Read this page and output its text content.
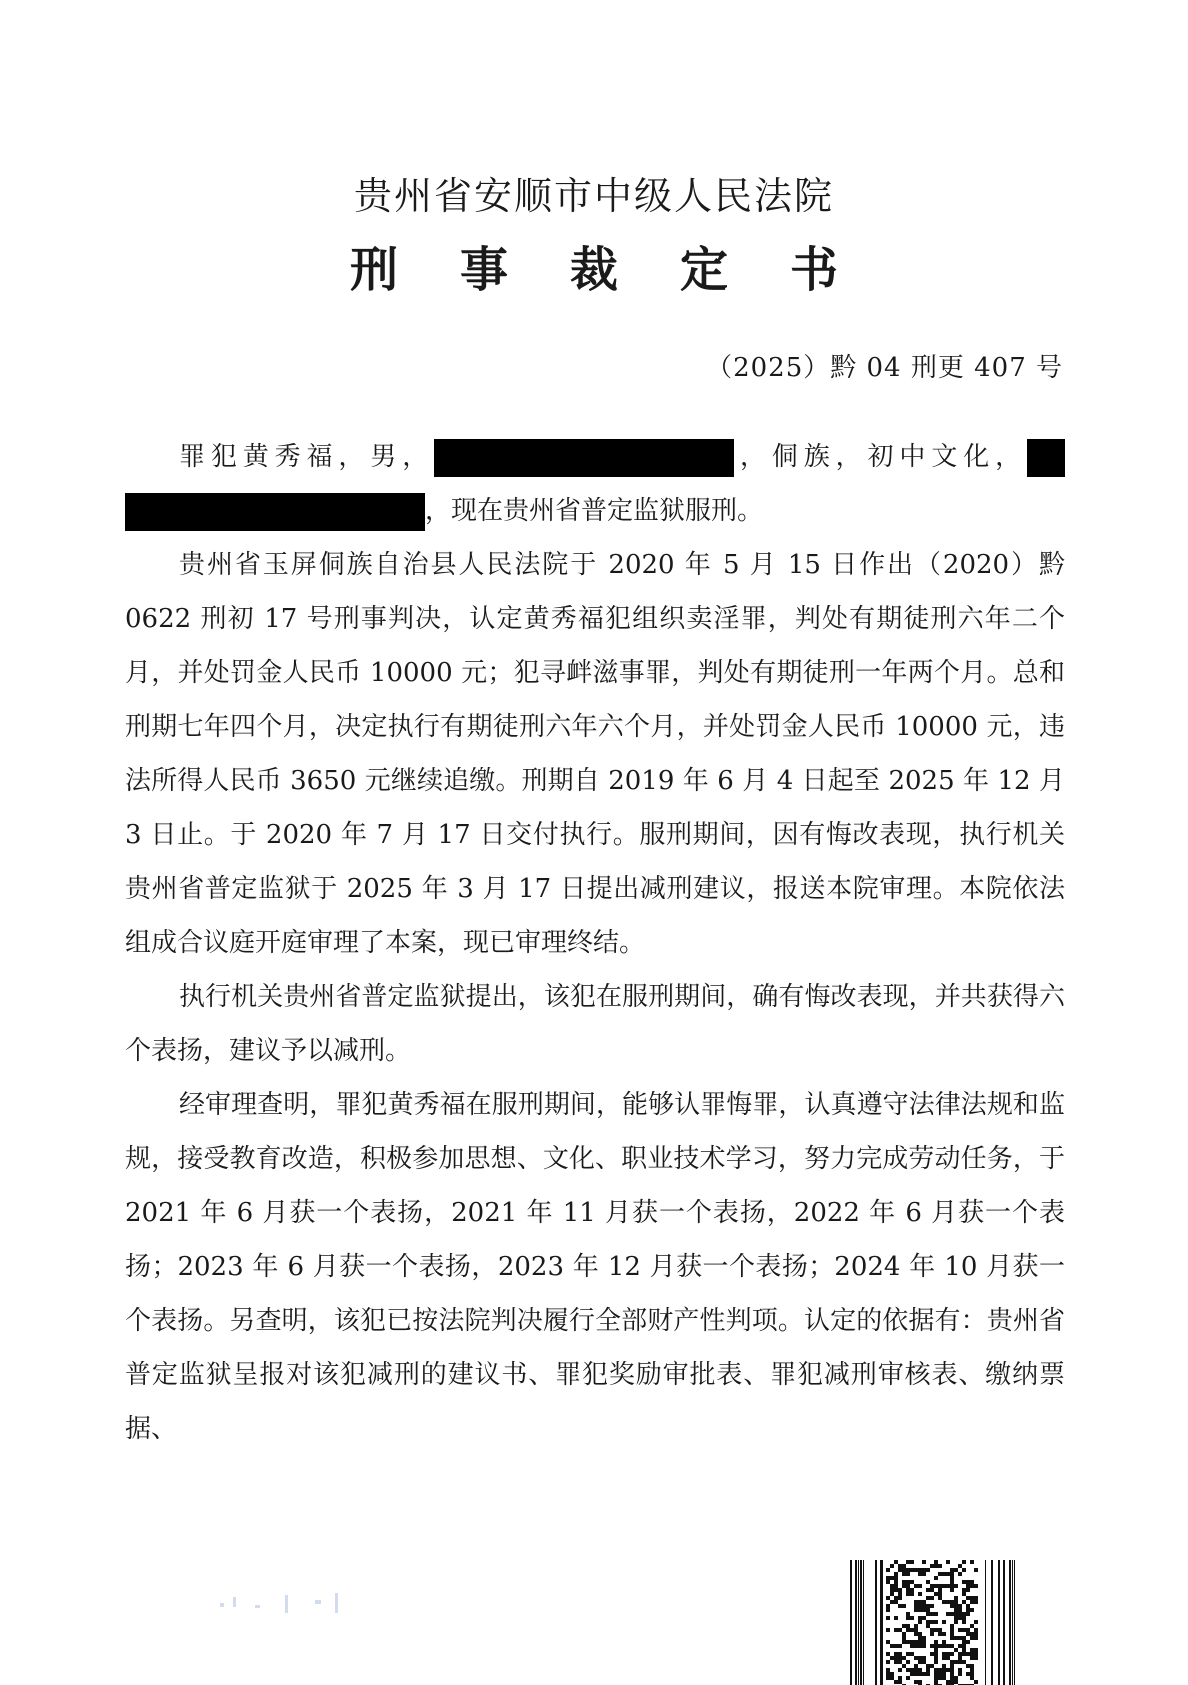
贵州省安顺市中级人民法院
刑事裁定书
（2025）黔 04 刑更 407 号

罪犯黄秀福，男，	，侗族，初中文化，，现在贵州省普定监狱服刑。

贵州省玉屏侗族自治县人民法院于 2020 年 5 月 15 日作出（2020）黔 0622 刑初 17 号刑事判决，认定黄秀福犯组织卖淫罪，判处有期徒刑六年二个月，并处罚金人民币 10000 元；犯寻衅滋事罪，判处有期徒刑一年两个月。总和刑期七年四个月，决定执行有期徒刑六年六个月，并处罚金人民币 10000 元，违法所得人民币 3650 元继续追缴。刑期自 2019 年 6 月 4 日起至 2025 年 12 月 3 日止。于 2020 年 7 月 17 日交付执行。服刑期间，因有悔改表现，执行机关贵州省普定监狱于 2025 年 3 月 17 日提出减刑建议，报送本院审理。本院依法组成合议庭开庭审理了本案，现已审理终结。

执行机关贵州省普定监狱提出，该犯在服刑期间，确有悔改表现，并共获得六个表扬，建议予以减刑。

经审理查明，罪犯黄秀福在服刑期间，能够认罪悔罪，认真遵守法律法规和监规，接受教育改造，积极参加思想、文化、职业技术学习，努力完成劳动任务，于 2021 年 6 月获一个表扬，2021 年 11 月获一个表扬，2022 年 6 月获一个表扬；2023 年 6 月获一个表扬，2023 年 12 月获一个表扬；2024 年 10 月获一个表扬。另查明，该犯已按法院判决履行全部财产性判项。认定的依据有：贵州省普定监狱呈报对该犯减刑的建议书、罪犯奖励审批表、罪犯减刑审核表、缴纳票据、
